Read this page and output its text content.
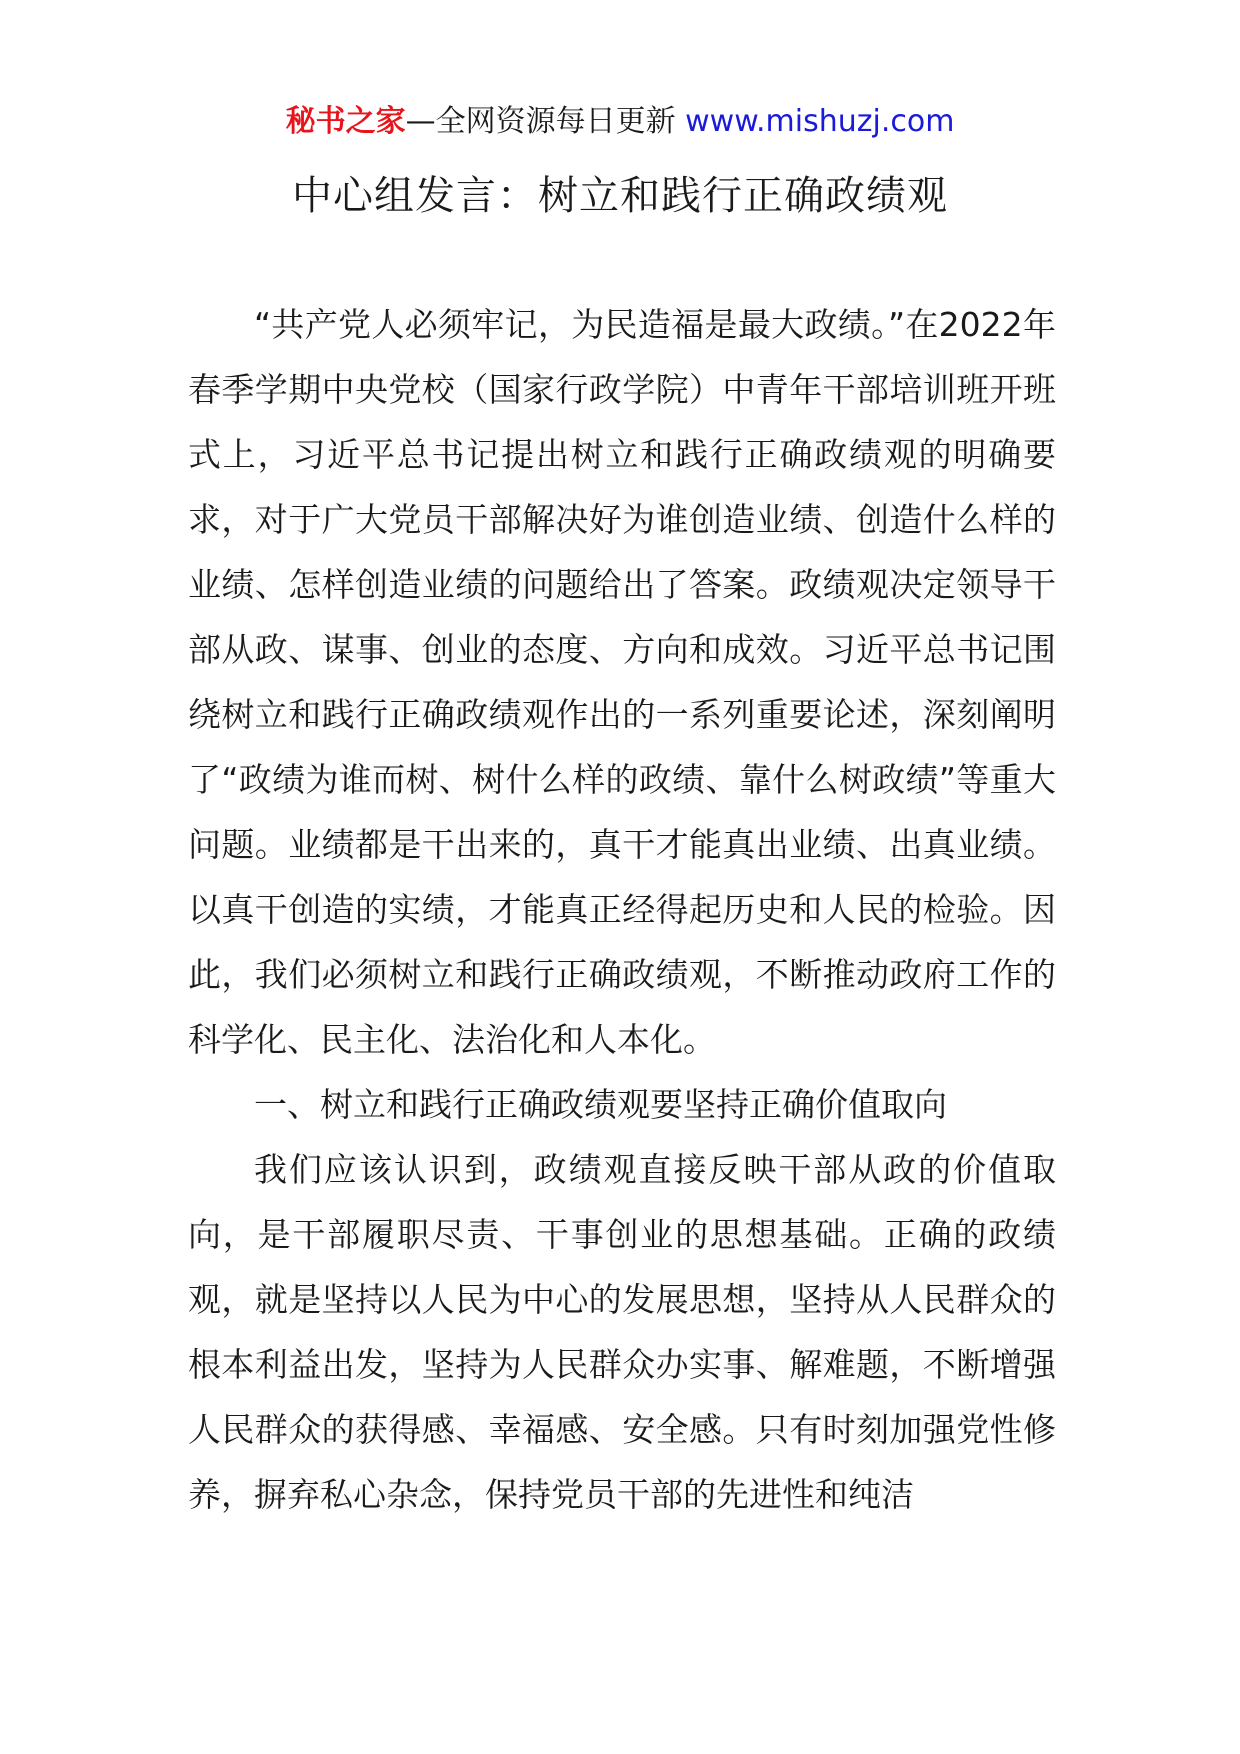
秘书之家—全网资源每日更新 www.mishuzj.com
中心组发言：树立和践行正确政绩观

“共产党人必须牢记，为民造福是最大政绩。”在2022年春季学期中央党校（国家行政学院）中青年干部培训班开班式上，习近平总书记提出树立和践行正确政绩观的明确要求，对于广大党员干部解决好为谁创造业绩、创造什么样的业绩、怎样创造业绩的问题给出了答案。政绩观决定领导干部从政、谋事、创业的态度、方向和成效。习近平总书记围绕树立和践行正确政绩观作出的一系列重要论述，深刻阐明了“政绩为谁而树、树什么样的政绩、靠什么树政绩”等重大问题。业绩都是干出来的，真干才能真出业绩、出真业绩。以真干创造的实绩，才能真正经得起历史和人民的检验。因此，我们必须树立和践行正确政绩观，不断推动政府工作的科学化、民主化、法治化和人本化。

一、树立和践行正确政绩观要坚持正确价值取向

我们应该认识到，政绩观直接反映干部从政的价值取向，是干部履职尽责、干事创业的思想基础。正确的政绩观，就是坚持以人民为中心的发展思想，坚持从人民群众的根本利益出发，坚持为人民群众办实事、解难题，不断增强人民群众的获得感、幸福感、安全感。只有时刻加强党性修养，摒弃私心杂念，保持党员干部的先进性和纯洁
